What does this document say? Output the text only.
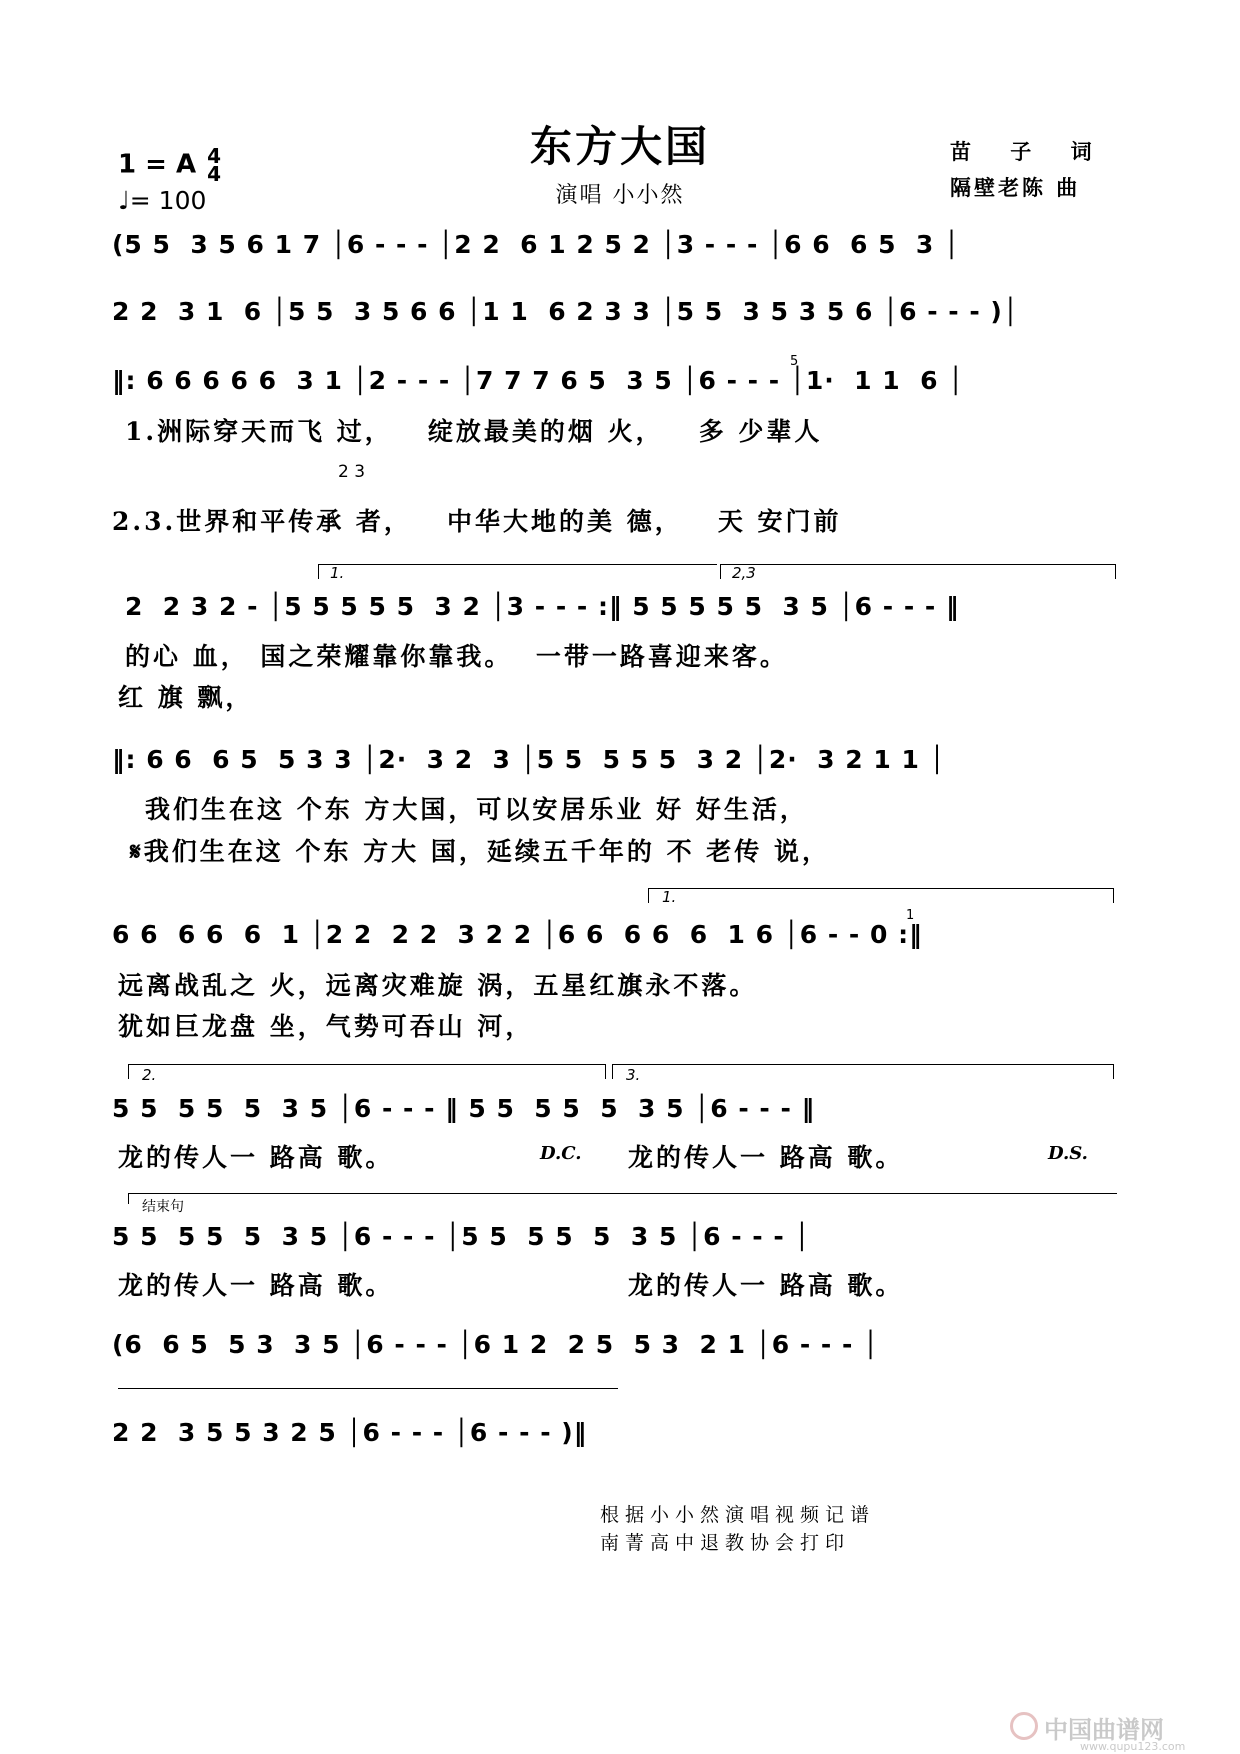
东方大国
演唱 小小然
1 = A 4
4
♩= 100
苗 子 词
隔壁老陈 曲
(5 5  3 5 6 1 7 │6 - - - │2 2  6 1 2 5 2 │3 - - - │6 6  6 5  3 │
2 2  3 1  6 │5 5  3 5 6 6 │1 1  6 2 3 3 │5 5  3 5 3 5 6 │6 - - - )│
‖: 6 6 6 6 6  3 1 │2 - - - │7 7 7 6 5  3 5 │6 - - - │1·  1 1  6 │
1.洲际穿天而飞 过，   绽放最美的烟 火，   多 少辈人
2 3
5
2.3.世界和平传承 者，   中华大地的美 德，   天 安门前
1.	2,3
2  2 3 2 - │5 5 5 5 5  3 2 │3 - - - :‖ 5 5 5 5 5  3 5 │6 - - - ‖
的心 血， 国之荣耀靠你靠我。  一带一路喜迎来客。
红 旗 飘，
‖: 6 6  6 5  5 3 3 │2·  3 2  3 │5 5  5 5 5  3 2 │2·  3 2 1 1 │
我们生在这 个东 方大国，可以安居乐业 好 好生活，
𝄋我们生在这 个东 方大 国，延续五千年的 不 老传 说，
1.
1
6 6  6 6  6  1 │2 2  2 2  3 2 2 │6 6  6 6  6  1 6 │6 - - 0 :‖
远离战乱之 火，远离灾难旋 涡，五星红旗永不落。
犹如巨龙盘 坐，气势可吞山 河，
2.	3.
5 5  5 5  5  3 5 │6 - - - ‖ 5 5  5 5  5  3 5 │6 - - - ‖
龙的传人一 路高 歌。	D.C. 龙的传人一 路高 歌。	D.S.
结束句
5 5  5 5  5  3 5 │6 - - - │5 5  5 5  5  3 5 │6 - - - │
龙的传人一 路高 歌。	龙的传人一 路高 歌。
(6  6 5  5 3  3 5 │6 - - - │6 1 2  2 5  5 3  2 1 │6 - - - │
2 2  3 5 5 3 2 5 │6 - - - │6 - - - )‖
根据小小然演唱视频记谱
南菁高中退教协会打印
中国曲谱网
www.qupu123.com
